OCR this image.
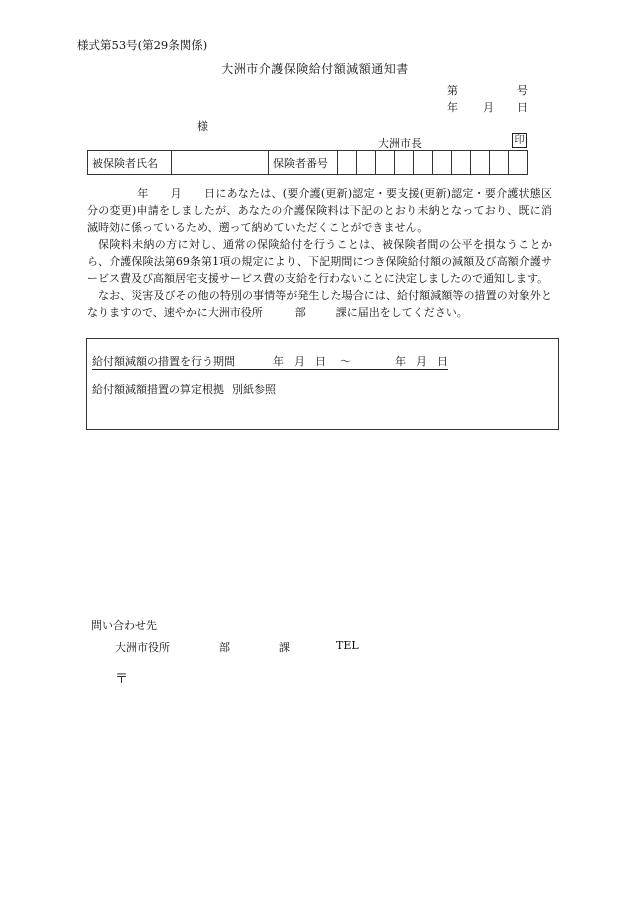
様式第53号(第29条関係)
大洲市介護保険給付額減額通知書
第	号
年 月 日
様
大洲市長	印
被保険者氏名		保険者番号										

年 月 日にあなたは、(要介護(更新)認定・要支援(更新)認定・要介護状態区分の変更)申請をしましたが、あなたの介護保険料は下記のとおり未納となっており、既に消滅時効に係っているため、遡って納めていただくことができません。

保険料未納の方に対し、通常の保険給付を行うことは、被保険者間の公平を損なうことから、介護保険法第69条第1項の規定により、下記期間につき保険給付額の減額及び高額介護サービス費及び高額居宅支援サービス費の支給を行わないことに決定しましたので通知します。

なお、災害及びその他の特別の事情等が発生した場合には、給付額減額等の措置の対象外となりますので、速やかに大洲市役所	部	課に届出をしてください。

給付額減額の措置を行う期間	年 月 日 ～	年 月 日
給付額減額措置の算定根拠 別紙参照
問い合わせ先
大洲市役所	部	課	TEL
〒
